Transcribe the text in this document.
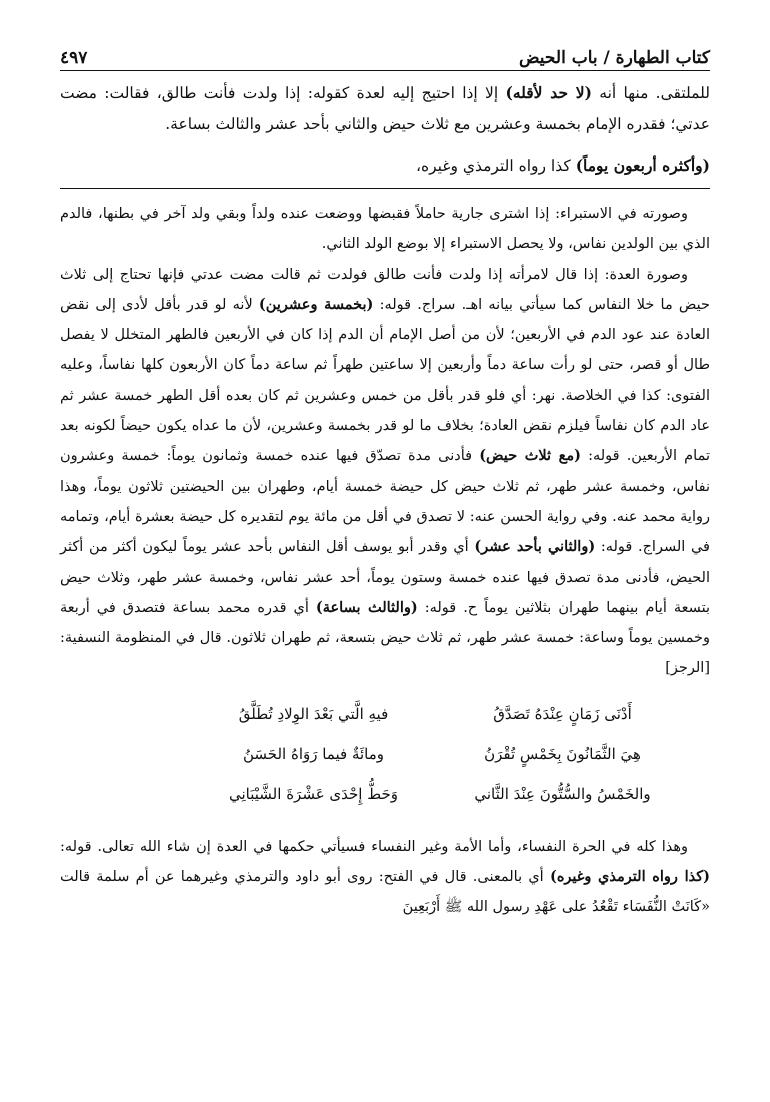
كتاب الطهارة / باب الحيض
٤٩٧

للملتقى. منها أنه (لا حد لأقله) إلا إذا احتيج إليه لعدة كقوله: إذا ولدت فأنت طالق، فقالت: مضت عدتي؛ فقدره الإمام بخمسة وعشرين مع ثلاث حيض والثاني بأحد عشر والثالث بساعة.

(وأكثره أربعون يوماً) كذا رواه الترمذي وغيره،

وصورته في الاستبراء: إذا اشترى جارية حاملاً فقبضها ووضعت عنده ولداً وبقي ولد آخر في بطنها، فالدم الذي بين الولدين نفاس، ولا يحصل الاستبراء إلا بوضع الولد الثاني.

وصورة العدة: إذا قال لامرأته إذا ولدت فأنت طالق فولدت ثم قالت مضت عدتي فإنها تحتاج إلى ثلاث حيض ما خلا النفاس كما سيأتي بيانه اهـ. سراج. قوله: (بخمسة وعشرين) لأنه لو قدر بأقل لأدى إلى نقض العادة عند عود الدم في الأربعين؛ لأن من أصل الإمام أن الدم إذا كان في الأربعين فالطهر المتخلل لا يفصل طال أو قصر، حتى لو رأت ساعة دماً وأربعين إلا ساعتين طهراً ثم ساعة دماً كان الأربعون كلها نفاساً، وعليه الفتوى: كذا في الخلاصة. نهر: أي فلو قدر بأقل من خمس وعشرين ثم كان بعده أقل الطهر خمسة عشر ثم عاد الدم كان نفاساً فيلزم نقض العادة؛ بخلاف ما لو قدر بخمسة وعشرين، لأن ما عداه يكون حيضاً لكونه بعد تمام الأربعين. قوله: (مع ثلاث حيض) فأدنى مدة تصدّق فيها عنده خمسة وثمانون يوماً: خمسة وعشرون نفاس، وخمسة عشر طهر، ثم ثلاث حيض كل حيضة خمسة أيام، وطهران بين الحيضتين ثلاثون يوماً، وهذا رواية محمد عنه. وفي رواية الحسن عنه: لا تصدق في أقل من مائة يوم لتقديره كل حيضة بعشرة أيام، وتمامه في السراج. قوله: (والثاني بأحد عشر) أي وقدر أبو يوسف أقل النفاس بأحد عشر يوماً ليكون أكثر من أكثر الحيض، فأدنى مدة تصدق فيها عنده خمسة وستون يوماً، أحد عشر نفاس، وخمسة عشر طهر، وثلاث حيض بتسعة أيام بينهما طهران بثلاثين يوماً ح. قوله: (والثالث بساعة) أي قدره محمد بساعة فتصدق في أربعة وخمسين يوماً وساعة: خمسة عشر طهر، ثم ثلاث حيض بتسعة، ثم طهران ثلاثون. قال في المنظومة النسفية: [الرجز]

أَدْنَى زَمَانٍ عِنْدَهُ تَصَدَّقُ
فيهِ الَّتي بَعْدَ الوِلادِ تُطَلَّقُ
هِيَ الثَّمَانُونَ بِخَمْسٍ تُقْرَنُ
ومائَةٌ فيما رَوَاهُ الحَسَنُ
والخَمْسُ والسُّتُّونَ عِنْدَ الثَّاني
وَحَطُّ إِحْدَى عَشْرَةَ الشَّيْبَانِي

وهذا كله في الحرة النفساء، وأما الأمة وغير النفساء فسيأتي حكمها في العدة إن شاء الله تعالى. قوله: (كذا رواه الترمذي وغيره) أي بالمعنى. قال في الفتح: روى أبو داود والترمذي وغيرهما عن أم سلمة قالت «كَانَتْ النُّفَسَاء تَقْعُدُ على عَهْدِ رسول الله ﷺ أَرْبَعِينَ
